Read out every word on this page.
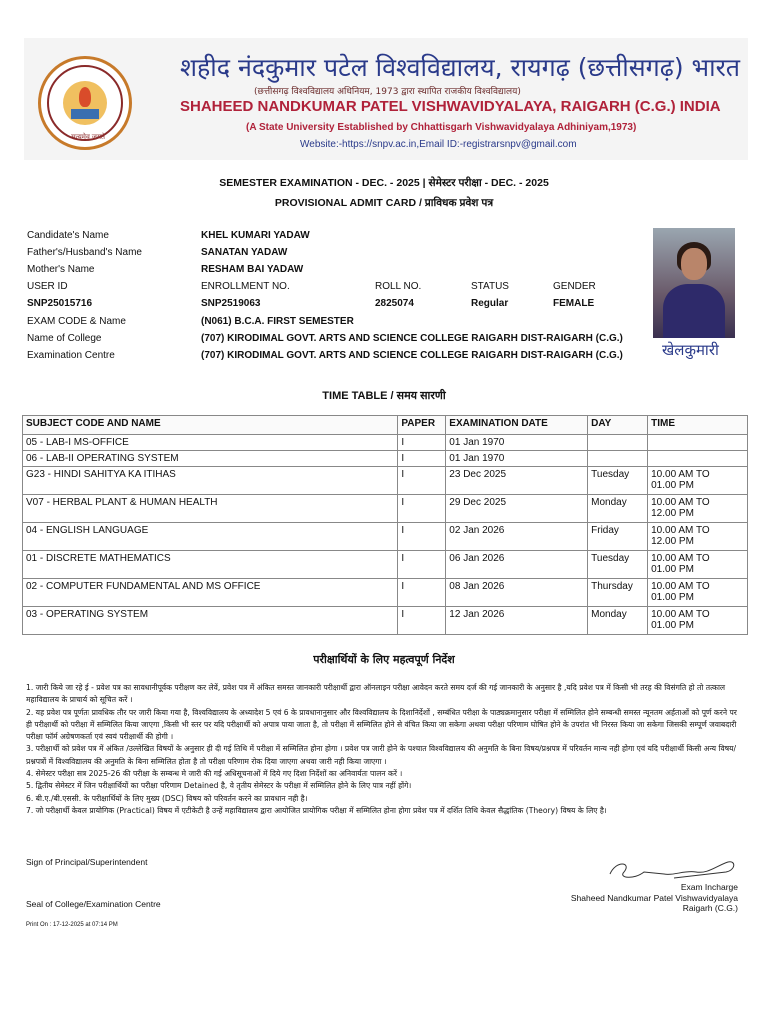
सत्यमेव जयते
शहीद नंदकुमार पटेल विश्वविद्यालय, रायगढ़ (छत्तीसगढ़) भारत
(छत्तीसगढ़ विश्वविद्यालय अधिनियम, 1973 द्वारा स्थापित राजकीय विश्वविद्यालय)
SHAHEED NANDKUMAR PATEL VISHWAVIDYALAYA, RAIGARH (C.G.) INDIA
(A State University Established by Chhattisgarh Vishwavidyalaya Adhiniyam,1973)
Website:-https://snpv.ac.in,Email ID:-registrarsnpv@gmail.com
SEMESTER EXAMINATION - DEC. - 2025 | सेमेस्टर परीक्षा - DEC. - 2025
PROVISIONAL ADMIT CARD / प्राविधक प्रवेश पत्र
Candidate's Name	KHEL KUMARI YADAW
Father's/Husband's Name	SANATAN YADAW
Mother's Name	RESHAM BAI YADAW
USER ID	ENROLLMENT NO.	ROLL NO.	STATUS	GENDER
SNP25015716	SNP2519063	2825074	Regular	FEMALE
EXAM CODE & Name	(N061) B.C.A. FIRST SEMESTER
Name of College	(707) KIRODIMAL GOVT. ARTS AND SCIENCE COLLEGE RAIGARH DIST-RAIGARH (C.G.)
Examination Centre	(707) KIRODIMAL GOVT. ARTS AND SCIENCE COLLEGE RAIGARH DIST-RAIGARH (C.G.)	खेलकुमारी
TIME TABLE / समय सारणी
SUBJECT CODE AND NAME	PAPER	EXAMINATION DATE	DAY	TIME
05 - LAB-I MS-OFFICE	I	01 Jan 1970		
06 - LAB-II OPERATING SYSTEM	I	01 Jan 1970		
G23 - HINDI SAHITYA KA ITIHAS	I	23 Dec 2025	Tuesday	10.00 AM TO
01.00 PM
V07 - HERBAL PLANT & HUMAN HEALTH	I	29 Dec 2025	Monday	10.00 AM TO
12.00 PM
04 - ENGLISH LANGUAGE	I	02 Jan 2026	Friday	10.00 AM TO
12.00 PM
01 - DISCRETE MATHEMATICS	I	06 Jan 2026	Tuesday	10.00 AM TO
01.00 PM
02 - COMPUTER FUNDAMENTAL AND MS OFFICE	I	08 Jan 2026	Thursday	10.00 AM TO
01.00 PM
03 - OPERATING SYSTEM	I	12 Jan 2026	Monday	10.00 AM TO
01.00 PM
परीक्षार्थियों के लिए महत्वपूर्ण निर्देश
1. जारी किये जा रहे ई - प्रवेश पत्र का सावधानीपूर्वक परीक्षण कर लेवें, प्रवेश पत्र में अंकित समस्त जानकारी परीक्षार्थी द्वारा ऑनलाइन परीक्षा आवेदन करते समय दर्ज की गई जानकारी के अनुसार है ,यदि प्रवेश पत्र में किसी भी तरह की विसंगति हो तो तत्काल महाविद्यालय के प्राचार्य को सूचित करें ।
2. यह प्रवेश पत्र पूर्णतः प्रावधिक तौर पर जारी किया गया है, विश्वविद्यालय के अध्यादेश 5 एवं 6 के प्रावधानानुसार और विश्वविद्यालय के दिशानिर्देशों , सम्बंधित परीक्षा के पाठ्यक्रमानुसार परीक्षा में सम्मिलित होने सम्बन्धी समस्त न्यूनतम अर्हताओं को पूर्ण करने पर ही परीक्षार्थी को परीक्षा में सम्मिलित किया जाएगा ,किसी भी स्तर पर यदि परीक्षार्थी को अपात्र पाया जाता है, तो परीक्षा में सम्मिलित होने से वंचित किया जा सकेगा अथवा परीक्षा परिणाम घोषित होने के उपरांत भी निरस्त किया जा सकेगा जिसकी सम्पूर्ण जवाबदारी परीक्षा फॉर्म अग्रेषणकर्ता एवं स्वयं परीक्षार्थी की होगी ।
3. परीक्षार्थी को प्रवेश पत्र में अंकित /उल्लेखित विषयों के अनुसार ही दी गई तिथि में परीक्षा में सम्मिलित होना होगा । प्रवेश पत्र जारी होने के पश्चात विश्वविद्यालय की अनुमति के बिना विषय/प्रश्नपत्र में परिवर्तन मान्य नही होगा एवं यदि परीक्षार्थी किसी अन्य विषय/प्रश्नपत्रों में विश्वविद्यालय की अनुमति के बिना सम्मिलित होता है तो परीक्षा परिणाम रोक दिया जाएगा अथवा जारी नही किया जाएगा ।
4. सेमेस्टर परीक्षा सत्र 2025-26 की परीक्षा के सम्बन्ध मे जारी की गई अधिसूचनाओं में दिये गए दिशा निर्देशों का अनिवार्यतः पालन करें ।
5. द्वितीय सेमेस्टर में जिन परीक्षार्थियों का परीक्षा परिणाम Detained है, वे तृतीय सेमेस्टर के परीक्षा में सम्मिलित होने के लिए पात्र नहीं होंगे।
6. बी.ए./बी.एससी. के परीक्षार्थियों के लिए मुख्य (DSC) विषय को परिवर्तन करने का प्रावधान नही है।
7. जो परीक्षार्थी केवल प्रायोगिक (Practical) विषय में एटीकेटी है उन्हें महाविद्यालय द्वारा आयोजित प्रायोगिक परीक्षा में सम्मिलित होना होगा प्रवेश पत्र में दर्शित तिथि केवल सैद्धांतिक (Theory) विषय के लिए है।
Sign of Principal/Superintendent
Exam Incharge
Seal of College/Examination Centre
Shaheed Nandkumar Patel Vishwavidyalaya
Raigarh (C.G.)
Print On : 17-12-2025 at 07:14 PM
